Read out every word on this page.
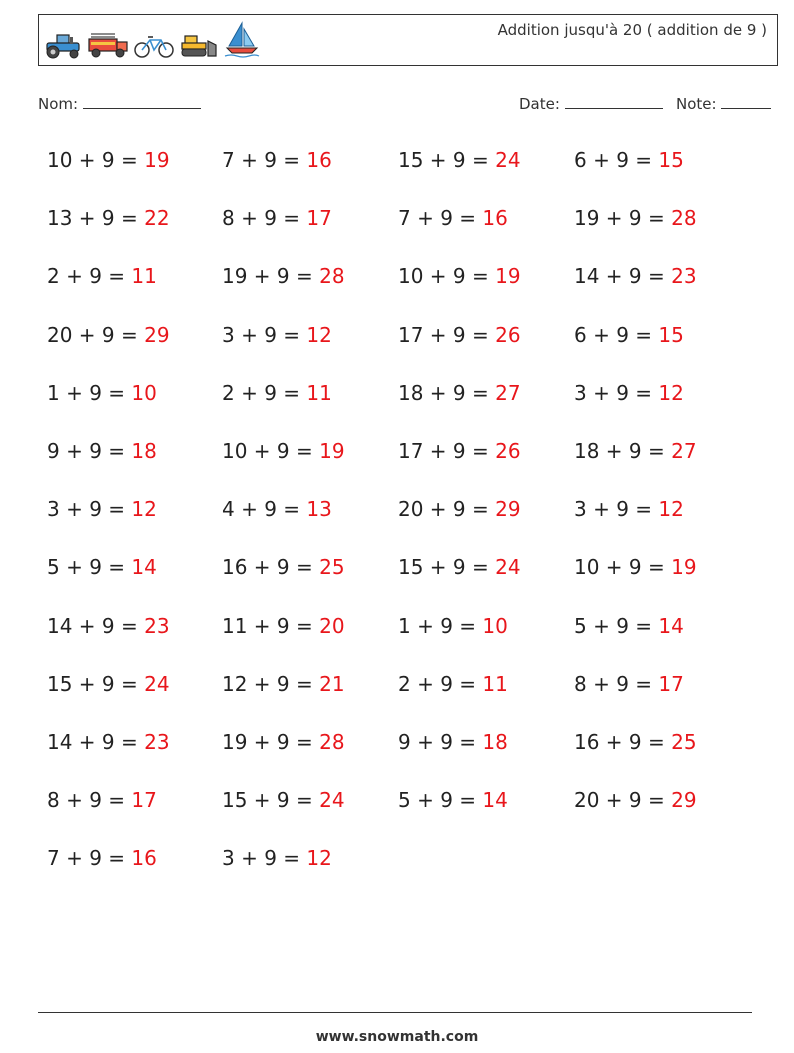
Addition jusqu'à 20 ( addition de 9 )
Nom:	Date:	Note:
10 + 9 = 19	7 + 9 = 16	15 + 9 = 24	6 + 9 = 15
13 + 9 = 22	8 + 9 = 17	7 + 9 = 16	19 + 9 = 28
2 + 9 = 11	19 + 9 = 28	10 + 9 = 19	14 + 9 = 23
20 + 9 = 29	3 + 9 = 12	17 + 9 = 26	6 + 9 = 15
1 + 9 = 10	2 + 9 = 11	18 + 9 = 27	3 + 9 = 12
9 + 9 = 18	10 + 9 = 19	17 + 9 = 26	18 + 9 = 27
3 + 9 = 12	4 + 9 = 13	20 + 9 = 29	3 + 9 = 12
5 + 9 = 14	16 + 9 = 25	15 + 9 = 24	10 + 9 = 19
14 + 9 = 23	11 + 9 = 20	1 + 9 = 10	5 + 9 = 14
15 + 9 = 24	12 + 9 = 21	2 + 9 = 11	8 + 9 = 17
14 + 9 = 23	19 + 9 = 28	9 + 9 = 18	16 + 9 = 25
8 + 9 = 17	15 + 9 = 24	5 + 9 = 14	20 + 9 = 29
7 + 9 = 16	3 + 9 = 12
www.snowmath.com
